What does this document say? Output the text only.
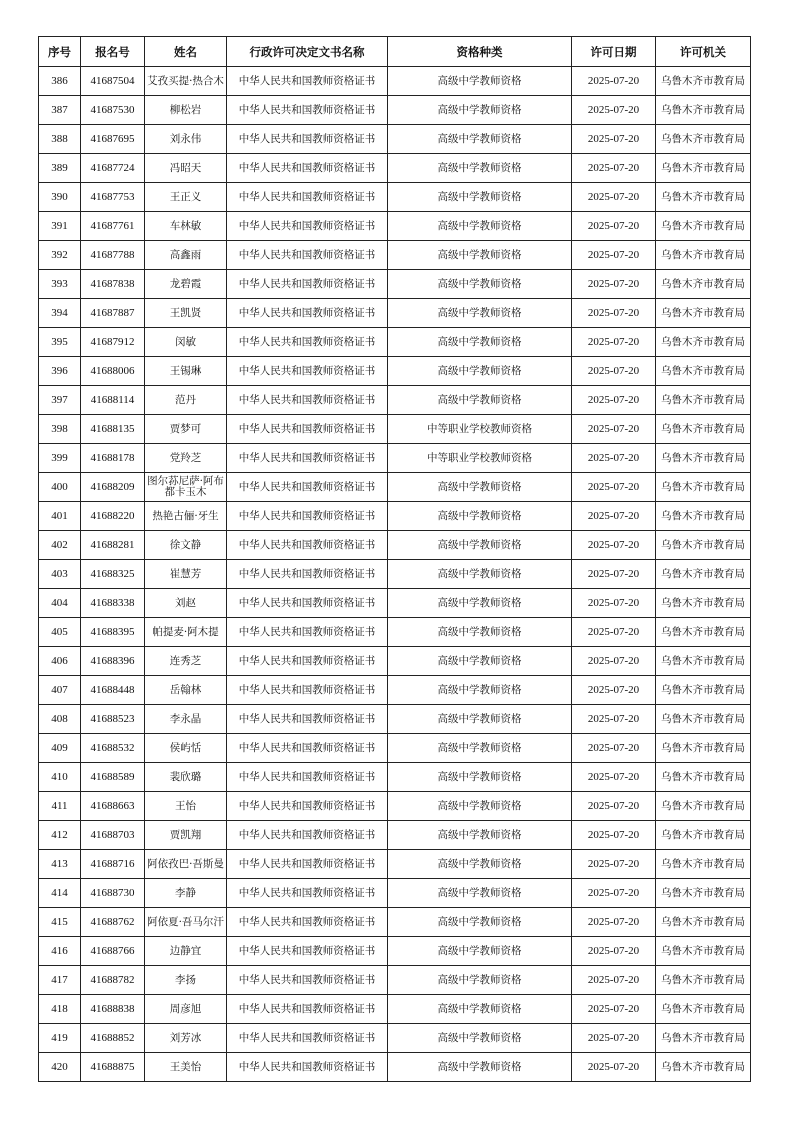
序号	报名号	姓名	行政许可决定文书名称	资格种类	许可日期	许可机关
386	41687504	艾孜买提·热合木	中华人民共和国教师资格证书	高级中学教师资格	2025-07-20	乌鲁木齐市教育局
387	41687530	柳松岩	中华人民共和国教师资格证书	高级中学教师资格	2025-07-20	乌鲁木齐市教育局
388	41687695	刘永伟	中华人民共和国教师资格证书	高级中学教师资格	2025-07-20	乌鲁木齐市教育局
389	41687724	冯昭天	中华人民共和国教师资格证书	高级中学教师资格	2025-07-20	乌鲁木齐市教育局
390	41687753	王正义	中华人民共和国教师资格证书	高级中学教师资格	2025-07-20	乌鲁木齐市教育局
391	41687761	车林敏	中华人民共和国教师资格证书	高级中学教师资格	2025-07-20	乌鲁木齐市教育局
392	41687788	高鑫雨	中华人民共和国教师资格证书	高级中学教师资格	2025-07-20	乌鲁木齐市教育局
393	41687838	龙碧霞	中华人民共和国教师资格证书	高级中学教师资格	2025-07-20	乌鲁木齐市教育局
394	41687887	王凯贤	中华人民共和国教师资格证书	高级中学教师资格	2025-07-20	乌鲁木齐市教育局
395	41687912	闵敏	中华人民共和国教师资格证书	高级中学教师资格	2025-07-20	乌鲁木齐市教育局
396	41688006	王锡琳	中华人民共和国教师资格证书	高级中学教师资格	2025-07-20	乌鲁木齐市教育局
397	41688114	范丹	中华人民共和国教师资格证书	高级中学教师资格	2025-07-20	乌鲁木齐市教育局
398	41688135	贾梦可	中华人民共和国教师资格证书	中等职业学校教师资格	2025-07-20	乌鲁木齐市教育局
399	41688178	党羚芝	中华人民共和国教师资格证书	中等职业学校教师资格	2025-07-20	乌鲁木齐市教育局
400	41688209	图尔荪尼萨·阿布都卡玉木	中华人民共和国教师资格证书	高级中学教师资格	2025-07-20	乌鲁木齐市教育局
401	41688220	热艳古俪·牙生	中华人民共和国教师资格证书	高级中学教师资格	2025-07-20	乌鲁木齐市教育局
402	41688281	徐文静	中华人民共和国教师资格证书	高级中学教师资格	2025-07-20	乌鲁木齐市教育局
403	41688325	崔慧芳	中华人民共和国教师资格证书	高级中学教师资格	2025-07-20	乌鲁木齐市教育局
404	41688338	刘赵	中华人民共和国教师资格证书	高级中学教师资格	2025-07-20	乌鲁木齐市教育局
405	41688395	帕提麦·阿木提	中华人民共和国教师资格证书	高级中学教师资格	2025-07-20	乌鲁木齐市教育局
406	41688396	连秀芝	中华人民共和国教师资格证书	高级中学教师资格	2025-07-20	乌鲁木齐市教育局
407	41688448	岳翰林	中华人民共和国教师资格证书	高级中学教师资格	2025-07-20	乌鲁木齐市教育局
408	41688523	李永晶	中华人民共和国教师资格证书	高级中学教师资格	2025-07-20	乌鲁木齐市教育局
409	41688532	侯屿恬	中华人民共和国教师资格证书	高级中学教师资格	2025-07-20	乌鲁木齐市教育局
410	41688589	裴欣璐	中华人民共和国教师资格证书	高级中学教师资格	2025-07-20	乌鲁木齐市教育局
411	41688663	王怡	中华人民共和国教师资格证书	高级中学教师资格	2025-07-20	乌鲁木齐市教育局
412	41688703	贾凯翔	中华人民共和国教师资格证书	高级中学教师资格	2025-07-20	乌鲁木齐市教育局
413	41688716	阿依孜巴·吾斯曼	中华人民共和国教师资格证书	高级中学教师资格	2025-07-20	乌鲁木齐市教育局
414	41688730	李静	中华人民共和国教师资格证书	高级中学教师资格	2025-07-20	乌鲁木齐市教育局
415	41688762	阿依夏·吾马尔汗	中华人民共和国教师资格证书	高级中学教师资格	2025-07-20	乌鲁木齐市教育局
416	41688766	边静宜	中华人民共和国教师资格证书	高级中学教师资格	2025-07-20	乌鲁木齐市教育局
417	41688782	李扬	中华人民共和国教师资格证书	高级中学教师资格	2025-07-20	乌鲁木齐市教育局
418	41688838	周彦旭	中华人民共和国教师资格证书	高级中学教师资格	2025-07-20	乌鲁木齐市教育局
419	41688852	刘芳冰	中华人民共和国教师资格证书	高级中学教师资格	2025-07-20	乌鲁木齐市教育局
420	41688875	王美怡	中华人民共和国教师资格证书	高级中学教师资格	2025-07-20	乌鲁木齐市教育局
